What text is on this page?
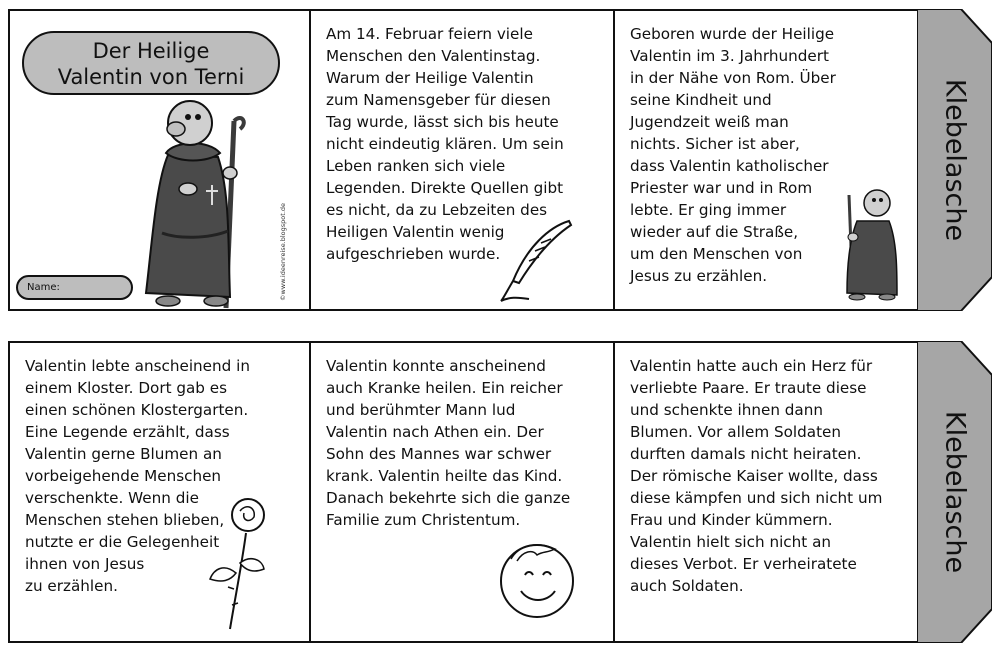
Der Heilige
Valentin von Terni
Name:	©www.ideenreise.blogspot.de
Am 14. Februar feiern viele
Menschen den Valentinstag.
Warum der Heilige Valentin
zum Namensgeber für diesen
Tag wurde, lässt sich bis heute
nicht eindeutig klären. Um sein
Leben ranken sich viele
Legenden. Direkte Quellen gibt
es nicht, da zu Lebzeiten des
Heiligen Valentin wenig
aufgeschrieben wurde.
Geboren wurde der Heilige
Valentin im 3. Jahrhundert
in der Nähe von Rom. Über
seine Kindheit und
Jugendzeit weiß man
nichts. Sicher ist aber,
dass Valentin katholischer
Priester war und in Rom
lebte. Er ging immer
wieder auf die Straße,
um den Menschen von
Jesus zu erzählen.
Klebelasche
Valentin lebte anscheinend in
einem Kloster. Dort gab es
einen schönen Klostergarten.
Eine Legende erzählt, dass
Valentin gerne Blumen an
vorbeigehende Menschen
verschenkte. Wenn die
Menschen stehen blieben,
nutzte er die Gelegenheit
ihnen von Jesus
zu erzählen.
Valentin konnte anscheinend
auch Kranke heilen. Ein reicher
und berühmter Mann lud
Valentin nach Athen ein. Der
Sohn des Mannes war schwer
krank. Valentin heilte das Kind.
Danach bekehrte sich die ganze
Familie zum Christentum.
Valentin hatte auch ein Herz für
verliebte Paare. Er traute diese
und schenkte ihnen dann
Blumen. Vor allem Soldaten
durften damals nicht heiraten.
Der römische Kaiser wollte, dass
diese kämpfen und sich nicht um
Frau und Kinder kümmern.
Valentin hielt sich nicht an
dieses Verbot. Er verheiratete
auch Soldaten.
Klebelasche
